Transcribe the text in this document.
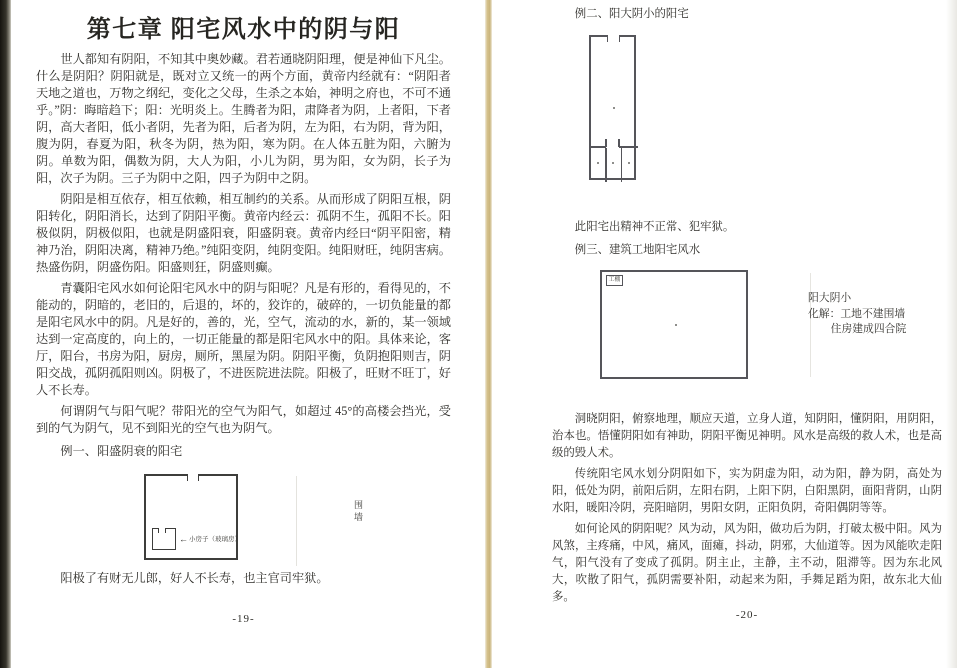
第七章 阳宅风水中的阴与阳

世人都知有阴阳，不知其中奥妙藏。君若通晓阴阳理，便是神仙下凡尘。什么是阴阳？阴阳就是，既对立又统一的两个方面，黄帝内经就有：“阴阳者天地之道也，万物之纲纪，变化之父母，生杀之本始，神明之府也，不可不通乎。”阴：晦暗趋下；阳：光明炎上。生腾者为阳，肃降者为阴，上者阳，下者阴，高大者阳，低小者阴，先者为阳，后者为阴，左为阳，右为阴，背为阳，腹为阴，春夏为阳，秋冬为阴，热为阳，寒为阴。在人体五脏为阳，六腑为阴。单数为阳，偶数为阴，大人为阳，小儿为阴，男为阳，女为阴，长子为阳，次子为阴。三子为阴中之阳，四子为阴中之阴。

阴阳是相互依存，相互依赖，相互制约的关系。从而形成了阴阳互根，阴阳转化，阴阳消长，达到了阴阳平衡。黄帝内经云：孤阴不生，孤阳不长。阳极似阴，阴极似阳，也就是阴盛阳衰，阳盛阴衰。黄帝内经曰“阴平阳密，精神乃治，阴阳决离，精神乃绝。”纯阳变阴，纯阴变阳。纯阳财旺，纯阴害病。热盛伤阴，阴盛伤阳。阳盛则狂，阴盛则癫。

青囊阳宅风水如何论阳宅风水中的阴与阳呢？凡是有形的，看得见的，不能动的，阴暗的，老旧的，后退的，坏的，狡诈的，破碎的，一切负能量的都是阳宅风水中的阴。凡是好的，善的，光，空气，流动的水，新的，某一领域达到一定高度的，向上的，一切正能量的都是阳宅风水中的阳。具体来论，客厅，阳台，书房为阳，厨房，厕所，黑屋为阴。阴阳平衡，负阴抱阳则吉，阴阳交战，孤阴孤阳则凶。阴极了，不进医院进法院。阳极了，旺财不旺丁，好人不长寿。

何谓阴气与阳气呢？带阳光的空气为阳气，如超过 45°的高楼会挡光，受到的气为阴气，见不到阳光的空气也为阴气。

例一、阳盛阴衰的阳宅

←小房子（玻璃房）
围墙

阳极了有财无儿郎，好人不长寿，也主官司牢狱。

-19-

例二、阳大阴小的阳宅

此阳宅出精神不正常、犯牢狱。

例三、建筑工地阳宅风水

工棚
阳大阴小
化解：工地不建围墙
住房建成四合院

洞晓阴阳，俯察地理，顺应天道，立身人道，知阴阳，懂阴阳，用阴阳，治本也。悟懂阴阳如有神助，阴阳平衡见神明。风水是高级的救人术，也是高级的毁人术。

传统阳宅风水划分阴阳如下，实为阴虚为阳，动为阳，静为阴，高处为阳，低处为阴，前阳后阴，左阳右阴，上阳下阴，白阳黑阴，面阳背阴，山阴水阳，暖阳冷阴，亮阳暗阴，男阳女阴，正阳负阴，奇阳偶阴等等。

如何论风的阴阳呢？风为动，风为阳，做功后为阴，打破太极中阳。风为风煞，主疼痛，中风，痛风，面瘫，抖动，阴邪，大仙道等。因为风能吹走阳气，阳气没有了变成了孤阴。阴主止，主静，主不动，阻滞等。因为东北风大，吹散了阳气，孤阴需要补阳，动起来为阳，手舞足蹈为阳，故东北大仙多。

-20-
